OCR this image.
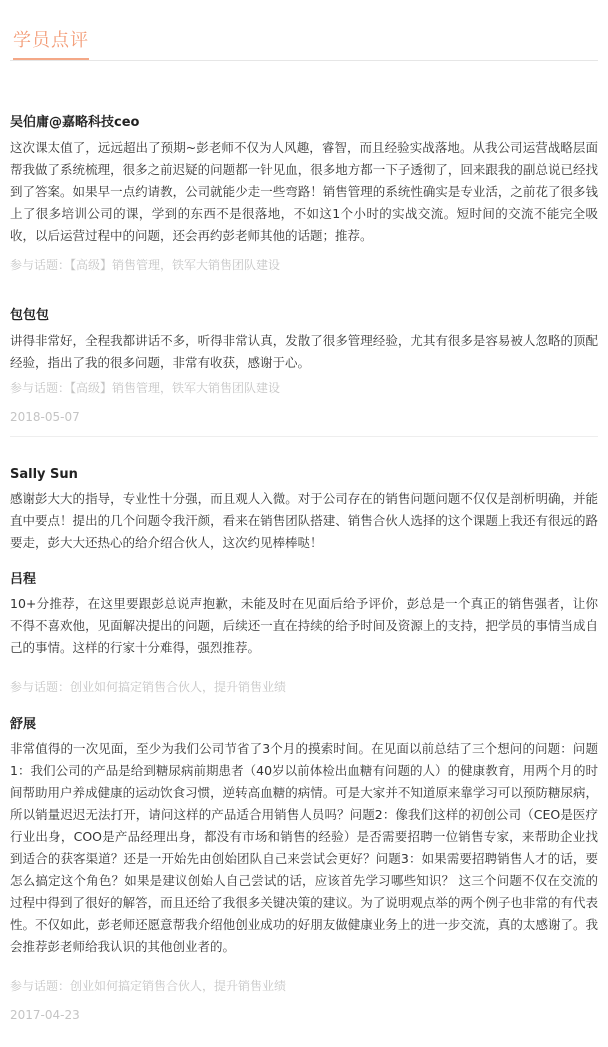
学员点评

吴伯庸@嘉略科技ceo

这次课太值了，远远超出了预期~彭老师不仅为人风趣，睿智，而且经验实战落地。从我公司运营战略层面帮我做了系统梳理，很多之前迟疑的问题都一针见血，很多地方都一下子透彻了，回来跟我的副总说已经找到了答案。如果早一点约请教，公司就能少走一些弯路！销售管理的系统性确实是专业活，之前花了很多钱上了很多培训公司的课，学到的东西不是很落地，不如这1个小时的实战交流。短时间的交流不能完全吸收，以后运营过程中的问题，还会再约彭老师其他的话题；推荐。

参与话题：【高级】销售管理，铁军大销售团队建设

包包包

讲得非常好，全程我都讲话不多，听得非常认真，发散了很多管理经验，尤其有很多是容易被人忽略的顶配经验，指出了我的很多问题，非常有收获，感谢于心。

参与话题：【高级】销售管理，铁军大销售团队建设

2018-05-07

Sally Sun

感谢彭大大的指导，专业性十分强，而且观人入微。对于公司存在的销售问题问题不仅仅是剖析明确，并能直中要点！提出的几个问题令我汗颜，看来在销售团队搭建、销售合伙人选择的这个课题上我还有很远的路要走，彭大大还热心的给介绍合伙人，这次约见棒棒哒！

吕程

10+分推荐，在这里要跟彭总说声抱歉，未能及时在见面后给予评价，彭总是一个真正的销售强者，让你不得不喜欢他，见面解决提出的问题，后续还一直在持续的给予时间及资源上的支持，把学员的事情当成自己的事情。这样的行家十分难得，强烈推荐。

参与话题：创业如何搞定销售合伙人，提升销售业绩

舒展

非常值得的一次见面，至少为我们公司节省了3个月的摸索时间。在见面以前总结了三个想问的问题：问题1：我们公司的产品是给到糖尿病前期患者（40岁以前体检出血糖有问题的人）的健康教育，用两个月的时间帮助用户养成健康的运动饮食习惯，逆转高血糖的病情。可是大家并不知道原来靠学习可以预防糖尿病，所以销量迟迟无法打开，请问这样的产品适合用销售人员吗？问题2：像我们这样的初创公司（CEO是医疗行业出身，COO是产品经理出身，都没有市场和销售的经验）是否需要招聘一位销售专家，来帮助企业找到适合的获客渠道？还是一开始先由创始团队自己来尝试会更好？问题3：如果需要招聘销售人才的话，要怎么搞定这个角色？如果是建议创始人自己尝试的话，应该首先学习哪些知识？ 这三个问题不仅在交流的过程中得到了很好的解答，而且还给了我很多关键决策的建议。为了说明观点举的两个例子也非常的有代表性。不仅如此，彭老师还愿意帮我介绍他创业成功的好朋友做健康业务上的进一步交流，真的太感谢了。我会推荐彭老师给我认识的其他创业者的。

参与话题：创业如何搞定销售合伙人，提升销售业绩

2017-04-23
